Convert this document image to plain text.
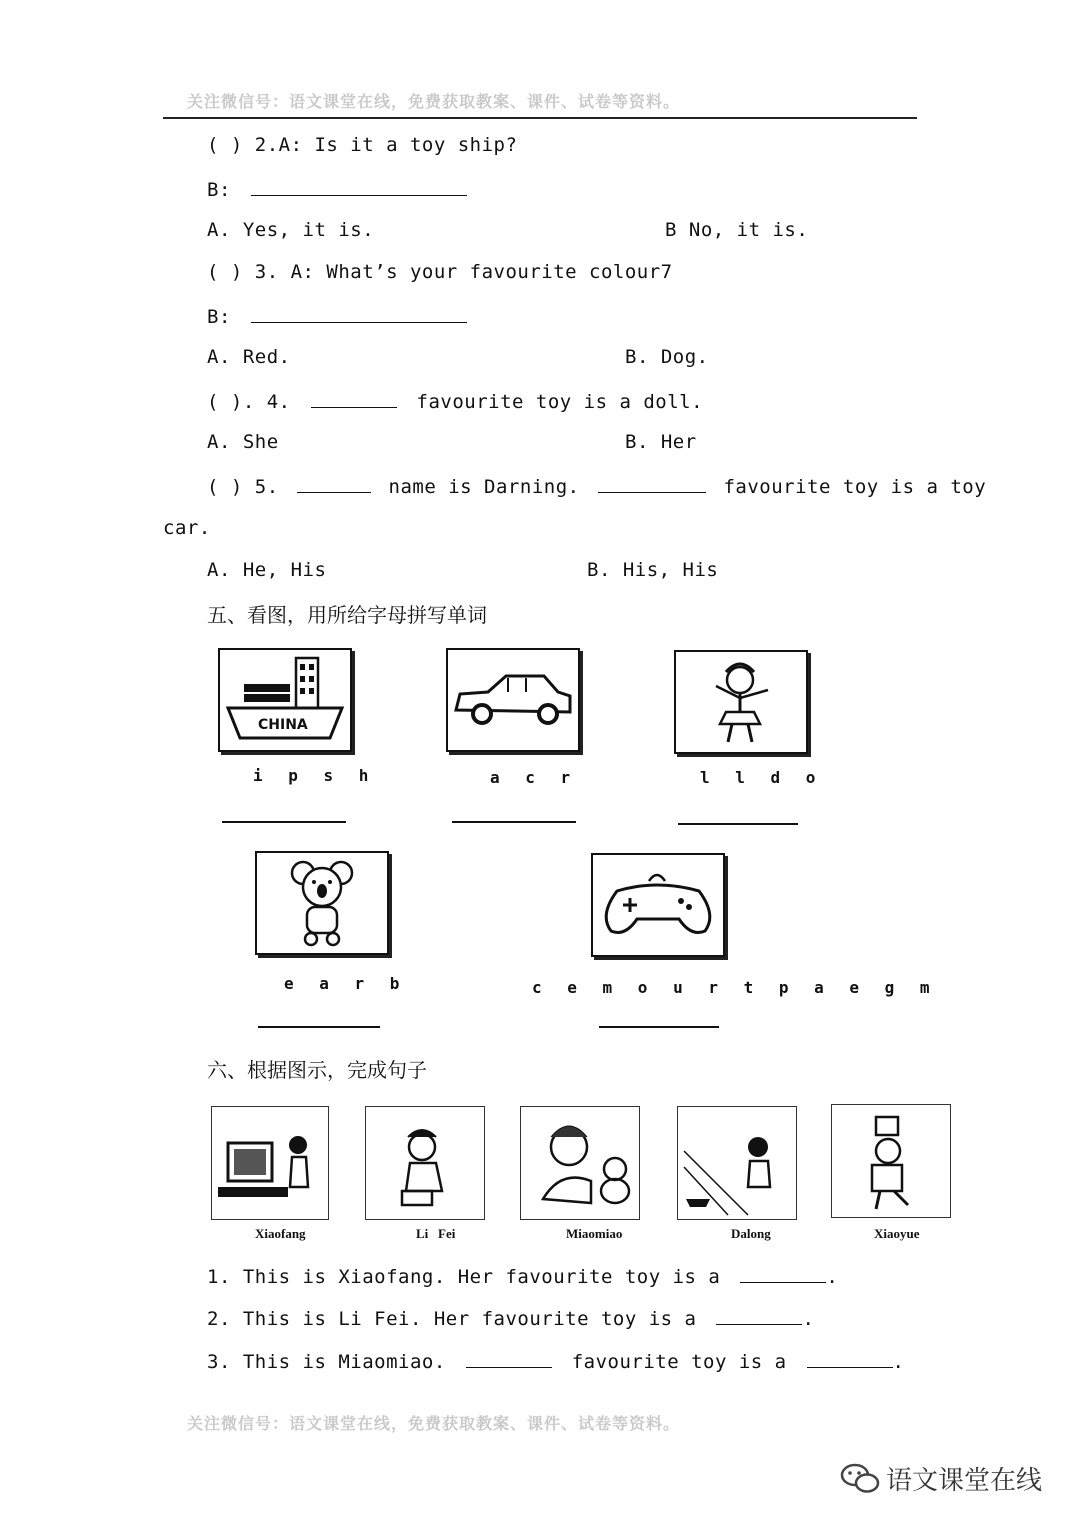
关注微信号：语文课堂在线，免费获取教案、课件、试卷等资料。
( ) 2.A: Is it a toy ship?
B:
A. Yes, it is.	B No, it is.
( ) 3. A: What’s your favourite colour7
B:
A. Red.	B. Dog.
( ). 4.	favourite toy is a doll.
A. She	B. Her
( ) 5.	name is Darning.	favourite toy is a toy
car.
A. He, His	B. His, His
五、看图，用所给字母拼写单词
CHINA
i p s h	a c r	l l d o
e a r b	c e m o u r t p a e g m
六、根据图示，完成句子
Xiaofang	Li   Fei	Miaomiao	Dalong	Xiaoyue
1. This is Xiaofang. Her favourite toy is a	.
2. This is Li Fei. Her favourite toy is a	.
3. This is Miaomiao.	favourite toy is a	.
关注微信号：语文课堂在线，免费获取教案、课件、试卷等资料。
语文课堂在线
